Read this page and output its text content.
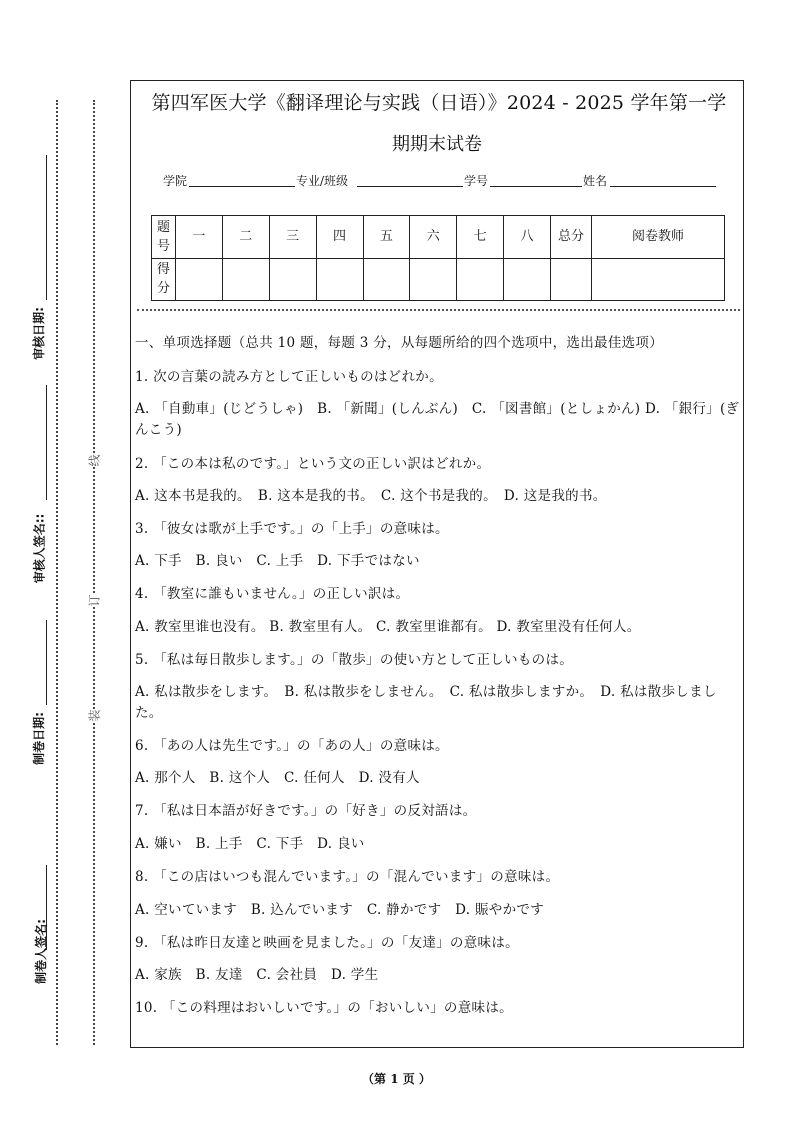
制卷人签名:
制卷日期:
审核人签名::
审核日期:
装
订
线
第四军医大学《翻译理论与实践（日语）》2024 - 2025 学年第一学
期期末试卷
学院	专业/班级	学号	姓名
题号	一	二	三	四	五	六	七	八	总分	阅卷教师
得分										
一、单项选择题（总共 10 题，每题 3 分，从每题所给的四个选项中，选出最佳选项）
1. 次の言葉の読み方として正しいものはどれか。
A. 「自動車」(じどうしゃ)　B. 「新聞」(しんぶん)　C. 「図書館」(としょかん) D. 「銀行」(ぎんこう)
2. 「この本は私のです。」という文の正しい訳はどれか。
A. 这本书是我的。　B. 这本是我的书。　C. 这个书是我的。　D. 这是我的书。
3. 「彼女は歌が上手です。」の「上手」の意味は。
A. 下手　B. 良い　C. 上手　D. 下手ではない
4. 「教室に誰もいません。」の正しい訳は。
A. 教室里谁也没有。 B. 教室里有人。 C. 教室里谁都有。 D. 教室里没有任何人。
5. 「私は毎日散歩します。」の「散歩」の使い方として正しいものは。
A. 私は散歩をします。　B. 私は散歩をしません。　C. 私は散歩しますか。　D. 私は散歩しました。
6. 「あの人は先生です。」の「あの人」の意味は。
A. 那个人　B. 这个人　C. 任何人　D. 没有人
7. 「私は日本語が好きです。」の「好き」の反対語は。
A. 嫌い　B. 上手　C. 下手　D. 良い
8. 「この店はいつも混んでいます。」の「混んでいます」の意味は。
A. 空いています　B. 込んでいます　C. 静かです　D. 賑やかです
9. 「私は昨日友達と映画を見ました。」の「友達」の意味は。
A. 家族　B. 友達　C. 会社員　D. 学生
10. 「この料理はおいしいです。」の「おいしい」の意味は。
（第 1 页 ）
